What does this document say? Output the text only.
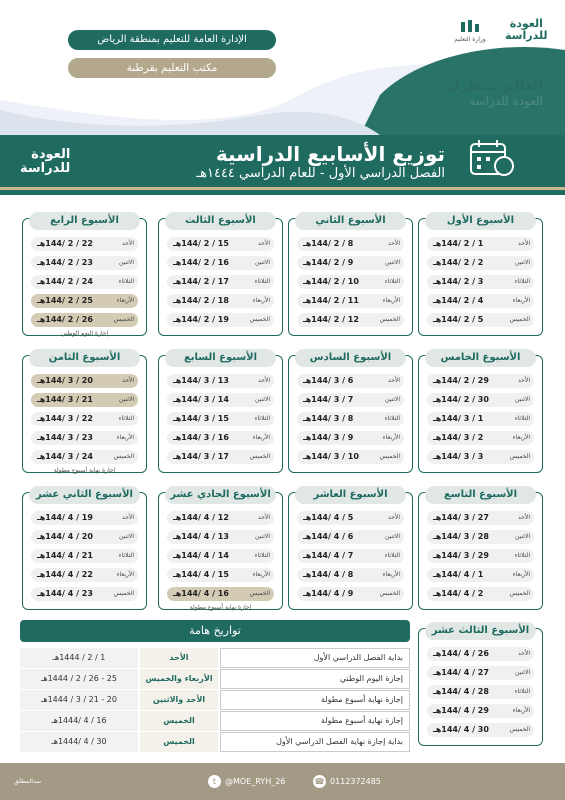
الإدارة العامة للتعليم بمنطقة الرياض
مكتب التعليم بقرطبة
وزارة التعليم
العودة
للدراسة
العالم ينتظرك
العودة للدراسة
توزيع الأسابيع الدراسية
الفصل الدراسي الأول - للعام الدراسي ١٤٤٤هـ
العودة
للدراسة
الأسبوع الأول
الأحد
1 / 2 /144هـ
الاثنين
2 / 2 /144هـ
الثلاثاء
3 / 2 /144هـ
الأربعاء
4 / 2 /144هـ
الخميس
5 / 2 /144هـ
الأسبوع الثاني
الأحد
8 / 2 /144هـ
الاثنين
9 / 2 /144هـ
الثلاثاء
10 / 2 /144هـ
الأربعاء
11 / 2 /144هـ
الخميس
12 / 2 /144هـ
الأسبوع الثالث
الأحد
15 / 2 /144هـ
الاثنين
16 / 2 /144هـ
الثلاثاء
17 / 2 /144هـ
الأربعاء
18 / 2 /144هـ
الخميس
19 / 2 /144هـ
الأسبوع الرابع
الأحد
22 / 2 /144هـ
الاثنين
23 / 2 /144هـ
الثلاثاء
24 / 2 /144هـ
الأربعاء
25 / 2 /144هـ
الخميس
26 / 2 /144هـ
إجازة اليوم الوطني
الأسبوع الخامس
الأحد
29 / 2 /144هـ
الاثنين
30 / 2 /144هـ
الثلاثاء
1 / 3 /144هـ
الأربعاء
2 / 3 /144هـ
الخميس
3 / 3 /144هـ
الأسبوع السادس
الأحد
6 / 3 /144هـ
الاثنين
7 / 3 /144هـ
الثلاثاء
8 / 3 /144هـ
الأربعاء
9 / 3 /144هـ
الخميس
10 / 3 /144هـ
الأسبوع السابع
الأحد
13 / 3 /144هـ
الاثنين
14 / 3 /144هـ
الثلاثاء
15 / 3 /144هـ
الأربعاء
16 / 3 /144هـ
الخميس
17 / 3 /144هـ
الأسبوع الثامن
الأحد
20 / 3 /144هـ
الاثنين
21 / 3 /144هـ
الثلاثاء
22 / 3 /144هـ
الأربعاء
23 / 3 /144هـ
الخميس
24 / 3 /144هـ
إجازة نهاية أسبوع مطولة
الأسبوع التاسع
الأحد
27 / 3 /144هـ
الاثنين
28 / 3 /144هـ
الثلاثاء
29 / 3 /144هـ
الأربعاء
1 / 4 /144هـ
الخميس
2 / 4 /144هـ
الأسبوع العاشر
الأحد
5 / 4 /144هـ
الاثنين
6 / 4 /144هـ
الثلاثاء
7 / 4 /144هـ
الأربعاء
8 / 4 /144هـ
الخميس
9 / 4 /144هـ
الأسبوع الحادي عشر
الأحد
12 / 4 /144هـ
الاثنين
13 / 4 /144هـ
الثلاثاء
14 / 4 /144هـ
الأربعاء
15 / 4 /144هـ
الخميس
16 / 4 /144هـ
إجازة نهاية أسبوع مطولة
الأسبوع الثاني عشر
الأحد
19 / 4 /144هـ
الاثنين
20 / 4 /144هـ
الثلاثاء
21 / 4 /144هـ
الأربعاء
22 / 4 /144هـ
الخميس
23 / 4 /144هـ
الأسبوع الثالث عشر
الأحد
26 / 4 /144هـ
الاثنين
27 / 4 /144هـ
الثلاثاء
28 / 4 /144هـ
الأربعاء
29 / 4 /144هـ
الخميس
30 / 4 /144هـ
تواريخ هامة
بداية الفصل الدراسي الأول
الأحد
1 / 2 / 1444هـ
إجازة اليوم الوطني
الأربعاء والخميس
25 - 26 / 2 / 1444هـ
إجازة نهاية أسبوع مطولة
الأحد والاثنين
20 - 21 / 3 / 1444هـ
إجازة نهاية أسبوع مطولة
الخميس
16 / 4 /1444هـ
بداية إجازة نهاية الفصل الدراسي الأول
الخميس
30 / 4 /1444هـ
☎ 0112372485
t	@MOE_RYH_26
سدالمطلق
